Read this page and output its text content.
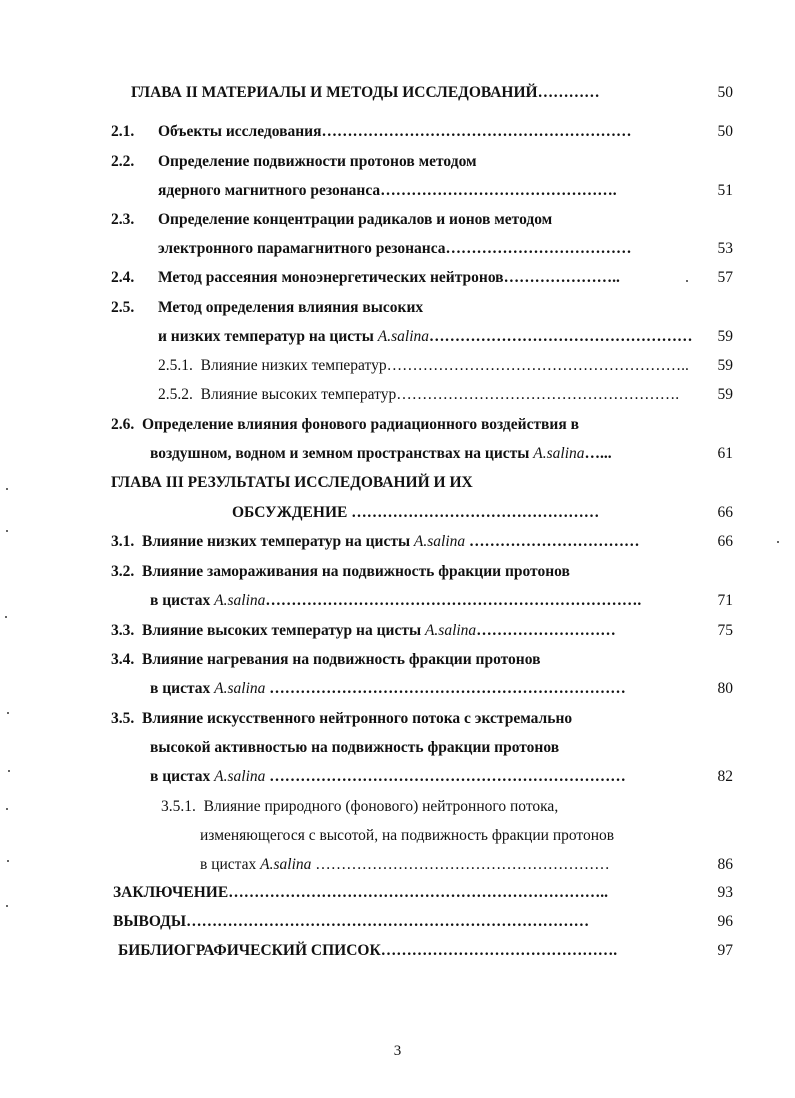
ГЛАВА II МАТЕРИАЛЫ И МЕТОДЫ ИССЛЕДОВАНИЙ…………	50
2.1. Объекты исследования……………………………………………………	50
2.2. Определение подвижности протонов методом
ядерного магнитного резонанса……………………………………….	51
2.3. Определение концентрации радикалов и ионов методом
электронного парамагнитного резонанса………………………………	53
2.4. Метод рассеяния моноэнергетических нейтронов…………………..	57
2.5. Метод определения влияния высоких
и низких температур на цисты A.salina……………………………………………	59
2.5.1. Влияние низких температур…………………………………………………..	59
2.5.2. Влияние высоких температур……………………………………………….	59
2.6. Определение влияния фонового радиационного воздействия в
воздушном, водном и земном пространствах на цисты A.salina…...	61
ГЛАВА III РЕЗУЛЬТАТЫ ИССЛЕДОВАНИЙ И ИХ
ОБСУЖДЕНИЕ …………………………………………	66
3.1. Влияние низких температур на цисты A.salina ……………………………	66
3.2. Влияние замораживания на подвижность фракции протонов
в цистах A.salina……………………………………………………………….	71
3.3. Влияние высоких температур на цисты A.salina………………………	75
3.4. Влияние нагревания на подвижность фракции протонов
в цистах A.salina ……………………………………………………………	80
3.5. Влияние искусственного нейтронного потока с экстремально
высокой активностью на подвижность фракции протонов
в цистах A.salina ……………………………………………………………	82
3.5.1. Влияние природного (фонового) нейтронного потока,
изменяющегося с высотой, на подвижность фракции протонов
в цистах A.salina …………………………………………………	86
ЗАКЛЮЧЕНИЕ………………………………………………………………..	93
ВЫВОДЫ……………………………………………………………………	96
БИБЛИОГРАФИЧЕСКИЙ СПИСОК……………………………………….	97
3
